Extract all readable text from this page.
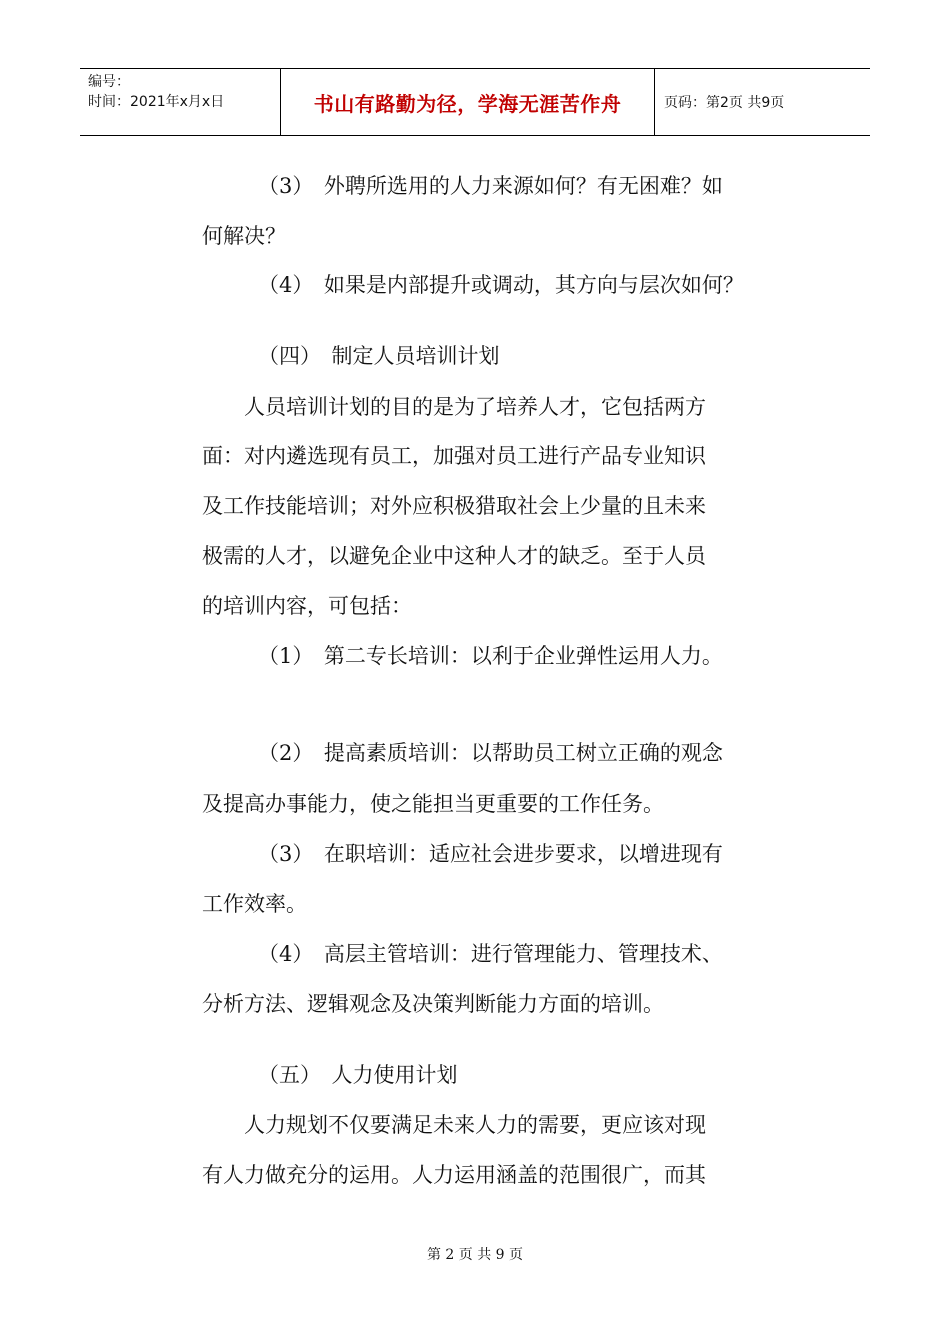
编号：
时间：2021年x月x日	书山有路勤为径，学海无涯苦作舟	页码：第2页 共9页
（3）　外聘所选用的人力来源如何？有无困难？如
何解决？
（4）　如果是内部提升或调动，其方向与层次如何？
（四）　制定人员培训计划
人员培训计划的目的是为了培养人才，它包括两方
面：对内遴选现有员工，加强对员工进行产品专业知识
及工作技能培训；对外应积极猎取社会上少量的且未来
极需的人才，以避免企业中这种人才的缺乏。至于人员
的培训内容，可包括：
（1）　第二专长培训：以利于企业弹性运用人力。
（2）　提高素质培训：以帮助员工树立正确的观念
及提高办事能力，使之能担当更重要的工作任务。
（3）　在职培训：适应社会进步要求，以增进现有
工作效率。
（4）　高层主管培训：进行管理能力、管理技术、
分析方法、逻辑观念及决策判断能力方面的培训。
（五）　人力使用计划
人力规划不仅要满足未来人力的需要，更应该对现
有人力做充分的运用。人力运用涵盖的范围很广，而其
第 2 页 共 9 页
